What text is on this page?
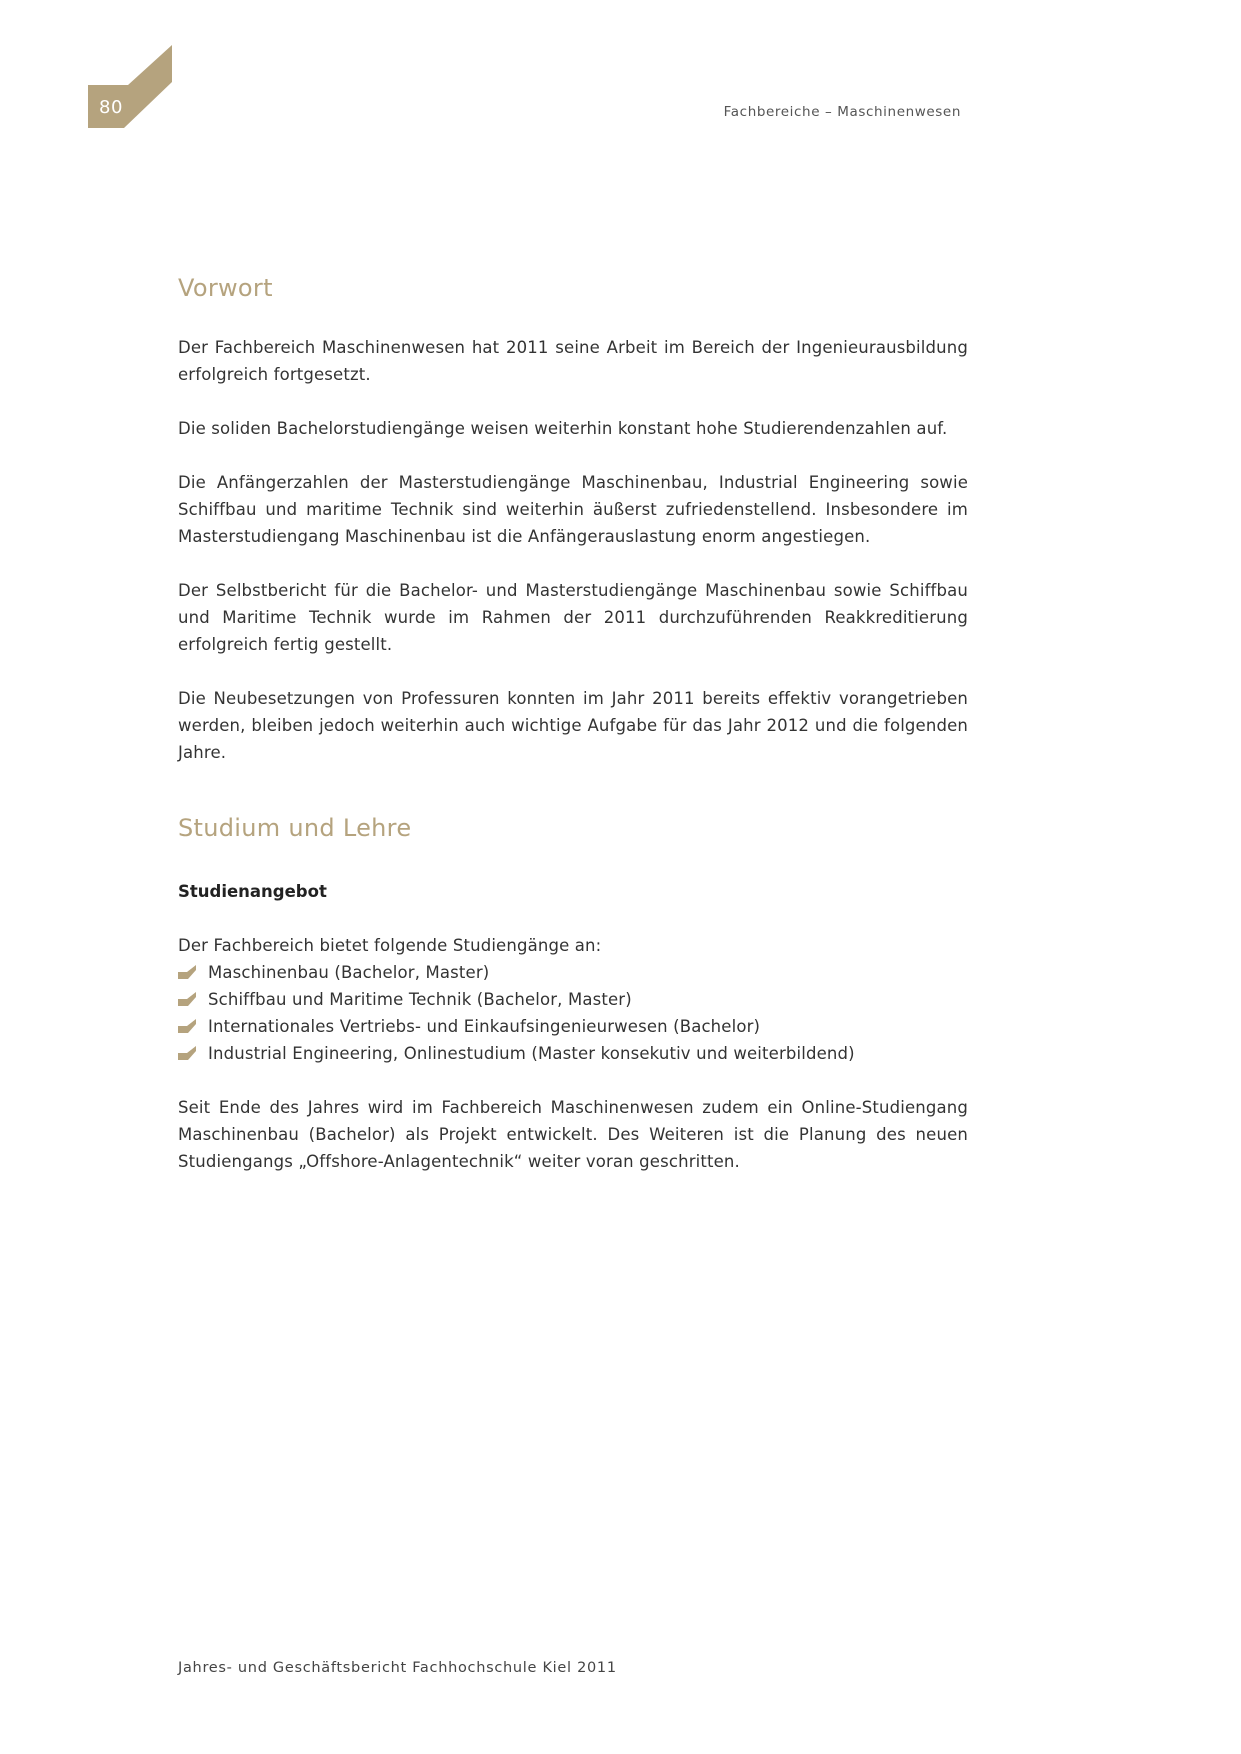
80	Fachbereiche – Maschinenwesen
Vorwort

Der Fachbereich Maschinenwesen hat 2011 seine Arbeit im Bereich der Ingenieurausbildung erfolgreich fortgesetzt.

Die soliden Bachelorstudiengänge weisen weiterhin konstant hohe Studierendenzahlen auf.

Die Anfängerzahlen der Masterstudiengänge Maschinenbau, Industrial Engineering sowie Schiffbau und maritime Technik sind weiterhin äußerst zufriedenstellend. Insbesondere im Masterstudiengang Maschinenbau ist die Anfängerauslastung enorm angestiegen.

Der Selbstbericht für die Bachelor- und Masterstudiengänge Maschinenbau sowie Schiffbau und Maritime Technik wurde im Rahmen der 2011 durchzuführenden Reakkreditierung erfolgreich fertig gestellt.

Die Neubesetzungen von Professuren konnten im Jahr 2011 bereits effektiv vorangetrieben werden, bleiben jedoch weiterhin auch wichtige Aufgabe für das Jahr 2012 und die folgenden Jahre.

Studium und Lehre
Studienangebot

Der Fachbereich bietet folgende Studiengänge an:

Maschinenbau (Bachelor, Master)
Schiffbau und Maritime Technik (Bachelor, Master)
Internationales Vertriebs- und Einkaufsingenieurwesen (Bachelor)
Industrial Engineering, Onlinestudium (Master konsekutiv und weiterbildend)

Seit Ende des Jahres wird im Fachbereich Maschinenwesen zudem ein Online-Studiengang Maschinenbau (Bachelor) als Projekt entwickelt. Des Weiteren ist die Planung des neuen Studiengangs „Offshore-Anlagentechnik“ weiter voran geschritten.

Jahres- und Geschäftsbericht Fachhochschule Kiel 2011
